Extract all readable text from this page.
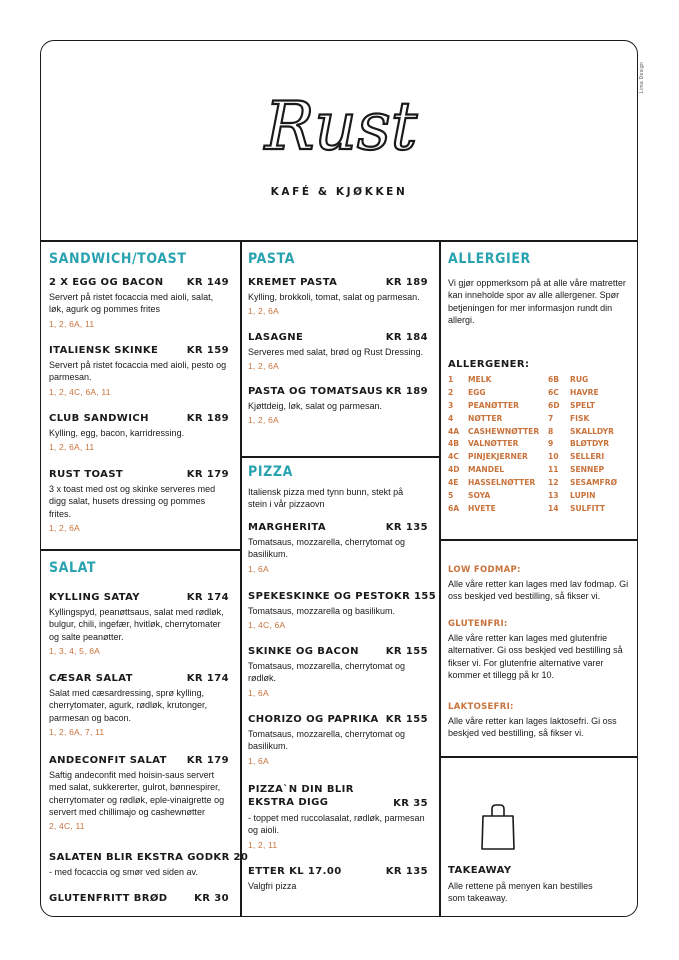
Lima Design
Rust
KAFÉ & KJØKKEN
SANDWICH/TOAST
2 X EGG OG BACON KR 149
Servert på ristet focaccia med aioli, salat, løk, agurk og pommes frites
1, 2, 6A, 11
ITALIENSK SKINKE	KR 159
Servert på ristet focaccia med aioli, pesto og parmesan.
1, 2, 4C, 6A, 11
CLUB SANDWICH	KR 189
Kylling, egg, bacon, karridressing.
1, 2, 6A, 11
RUST TOAST	KR 179
3 x toast med ost og skinke serveres med digg salat, husets dressing og pommes frites.
1, 2, 6A
SALAT
KYLLING SATAY	KR 174
Kyllingspyd, peanøttsaus, salat med rødløk, bulgur, chili, ingefær, hvitløk, cherrytomater og salte peanøtter.
1, 3, 4, 5, 6A
CÆSAR SALAT	KR 174
Salat med cæsardressing, sprø kylling, cherrytomater, agurk, rødløk, krutonger, parmesan og bacon.
1, 2, 6A, 7, 11
ANDECONFIT SALAT KR 179
Saftig andeconfit med hoisin-saus servert med salat, sukkererter, gulrot, bønnespirer, cherrytomater og rødløk, eple-vinaigrette og servert med chillimajo og cashewnøtter
2, 4C, 11
SALATEN BLIR EKSTRA GOD KR 20
- med focaccia og smør ved siden av.
GLUTENFRITT BRØD	KR 30
PASTA
KREMET PASTA	KR 189
Kylling, brokkoli, tomat, salat og parmesan.
1, 2, 6A
LASAGNE	KR 184
Serveres med salat, brød og Rust Dressing.
1, 2, 6A
PASTA OG TOMATSAUS KR 189
Kjøttdeig, løk, salat og parmesan.
1, 2, 6A
PIZZA
Italiensk pizza med tynn bunn, stekt på stein i vår pizzaovn
MARGHERITA	KR 135
Tomatsaus, mozzarella, cherrytomat og basilikum.
1, 6A
SPEKESKINKE OG PESTO KR 155
Tomatsaus, mozzarella og basilikum.
1, 4C, 6A
SKINKE OG BACON	KR 155
Tomatsaus, mozzarella, cherrytomat og rødløk.
1, 6A
CHORIZO OG PAPRIKA KR 155
Tomatsaus, mozzarella, cherrytomat og basilikum.
1, 6A
PIZZA`N DIN BLIR EKSTRA DIGG	KR 35
- toppet med ruccolasalat, rødløk, parmesan og aioli.
1, 2, 11
ETTER KL 17.00	KR 135
Valgfri pizza
ALLERGIER
Vi gjør oppmerksom på at alle våre matretter kan inneholde spor av alle allergener. Spør betjeningen for mer informasjon rundt din allergi.
ALLERGENER:
1	MELK	6B	RUG
2	EGG	6C	HAVRE
3	PEANØTTER	6D	SPELT
4	NØTTER	7	FISK
4A	CASHEWNØTTER	8	SKALLDYR
4B	VALNØTTER	9	BLØTDYR
4C	PINJEKJERNER	10	SELLERI
4D	MANDEL	11	SENNEP
4E	HASSELNØTTER	12	SESAMFRØ
5	SOYA	13	LUPIN
6A	HVETE	14	SULFITT
LOW FODMAP:
Alle våre retter kan lages med lav fodmap. Gi oss beskjed ved bestilling, så fikser vi.
GLUTENFRI:
Alle våre retter kan lages med glutenfrie alternativer. Gi oss beskjed ved bestilling så fikser vi. For glutenfrie alternative varer kommer et tillegg på kr 10.
LAKTOSEFRI:
Alle våre retter kan lages laktosefri. Gi oss beskjed ved bestilling, så fikser vi.
TAKEAWAY
Alle rettene på menyen kan bestilles som takeaway.
